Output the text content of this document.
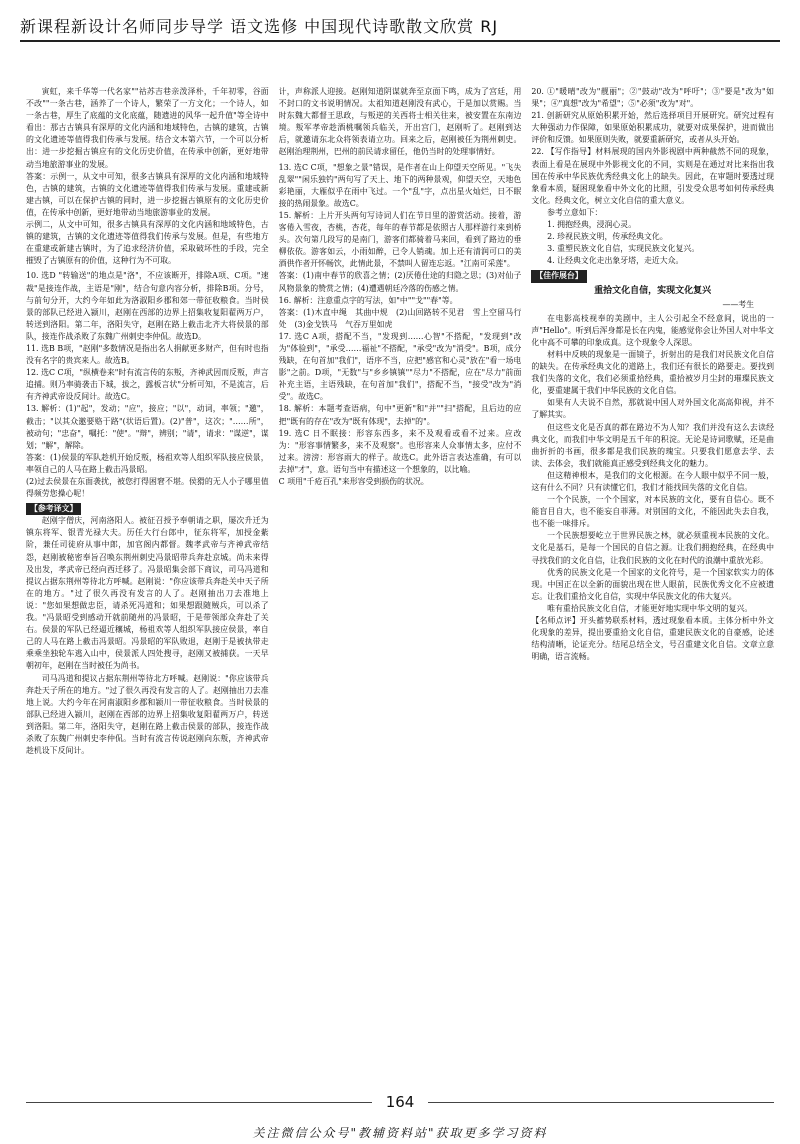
新课程新设计名师同步导学 语文选修 中国现代诗歌散文欣赏 RJ

寅虹，来千华等一代名家""祜苏吉巷亲泼泽朴，千年初零，谷面不改""一条古巷，涵养了一个诗人，繁荣了一方文化；一个诗人，如一条古巷，厚生了底蕴的文化底蕴，随遗进的风华一起升值"等全诗中看出：那古古镇具有深厚的文化内涵和地域特色，古镇的建筑，古镇的文化遗迹等值得我们传承与发展。结合文本第六节，一个可以分析出：进一步挖掘古镇应有的文化历史价值，在传承中创新，更好地带动当地旅游事业的发展。

答案：示例一，从文中可知，很多古镇具有深厚的文化内涵和地域特色，古镇的建筑，古镇的文化遗迹等值得我们传承与发展。重建或新建古镇，可以在保护古镇的同时，进一步挖掘古镇原有的文化历史价值，在传承中创新，更好地带动当地旅游事业的发展。

示例二，从文中可知，很多古镇具有深厚的文化内涵和地域特色，古镇的建筑，古镇的文化遗迹等值得我们传承与发展。但是，有些地方在重建或新建古镇时，为了追求经济价值，采取破坏性的手段，完全摧毁了古镇原有的价值，这种行为不可取。

10. 选D "转输送"的地点是"洛"，不应该断开，排除A项、C项。"速裁"是接连作战，主语是"刚"，结合句意内容分析，排除B项。分号，与前句分开，大约今年如此为洛淑阳乡郡和郊一带征收粮食。当时侯景的部队已经进入颍川，赵刚在西部的边界上招集收复阳翟两万户，转送到洛阳。第二年，洛阳失守，赵刚在路上截击北齐大将侯景的部队，接连作战杀败了东魏广州刺史李仲侃。故选D。

11. 选B B项，"赵刚"多数情况是指出名人捐献更多财产，但有时也指没有名字的贵宾来人。故选B。

12. 选C C项，"纵横卷来"时有流言传的东叛，齐神武因而反叛，声言追捕。则乃率骑袭击下城，拔之，露板言状"分析可知，不是流言，后有齐神武帝设反间计。故选C。

13. 解析：(1)"起"，发动；"应"，接应；"以"，动词，率领；"邀"，截击；"以其众邀要赂于路"(状语后置)。(2)"普"，这次；"……所"，被动句；"忠奋"，嘱托："使"。"辩"，辨别；"请"，请求："谋逆"，谋划；"解"，解除。

答案：(1)侯景的军队趁机开始反叛，杨祖欢等人组织军队接应侯景，率领自己的人马在路上截击冯景昭。

(2)过去侯景在东面袭扰，被您打得困窘不堪。侯猾的无人小子哪里值得频劳您操心呢！

【参考译文】

赵刚字僧庆，河南洛阳人。被征召授予奉朝请之职，屡次升迁为镇东将军、银青光禄大夫。历任大行台郎中，征东将军，加授金紫阶，兼任司徒府从事中郎，加官阁内都督。魏孝武帝与齐神武帝结怨，赵刚被秘密奉旨召唤东荆州刺史冯景昭带兵奔赴京城。尚未来得及出发，孝武帝已经向西迁移了。冯景昭集会部下商议，司马冯道和提议占据东荆州等待北方呼喊。赵刚说："你应该带兵奔赴关中天子所在的地方。"过了很久再没有发言的人了。赵刚抽出刀去准地上说："您如果想做忠臣，请杀死冯道和；如果想跟随贼兵，可以杀了我。"冯景昭受到感动开就前随州的冯景昭，于是带领部众奔赴了关右。侯景的军队已经逼近穰城，杨祖欢等人组织军队接应侯景，率自己的人马在路上截击冯景昭。冯景昭的军队败退，赵刚于是被执带走乘乘坐独轮车逃入山中，侯景派人四处搜寻，赵刚又被捕获。一天早朝初年，赵刚在当时被任为尚书。

司马冯道和提议占据东荆州等待北方呼喊。赵刚说："你应该带兵奔赴天子所在的地方。"过了很久再没有发言的人了。赵刚抽出刀去准地上说。大约今年在河南淑阳乡郡和颍川一带征收粮食。当时侯景的部队已经进入颍川，赵刚在西部的边界上招集收复阳翟两万户，转送到洛阳。第二年，洛阳失守，赵刚在路上截击侯景的部队，接连作战杀败了东魏广州刺史李仲侃。当时有流言传说赵刚向东叛，齐神武帝趁机设下反间计。

计，声称派人迎接。赵刚知道阴谋就奔至京面下鸣，成为了宫廷，用不封口的文书说明情况。太祖知道赵刚没有武心，于是加以赏赐。当时东魏大都督王思政，与叛逆的关西将士相关往来，被安置在东南边境。叛军孝帝趁酒桃嘱领兵临关，开出宫门，赵刚听了。赵刚到达后，就邀请东北众将领表请立功。回来之后，赵刚被任为荆州刺史。赵刚治理荆州，巴州的前民请求留任，他仍当时的处理事情好。

13. 选C C项，"想象之景"错误，是作者在山上仰望天空所见。"飞失乱翠""闲乐独钓"两句写了天上、地下的两种景观，仰望天空，天地色彩艳丽，大雁似乎在雨中飞过。一个"乱"字，点出星火灿烂，日不眠接的热闹景象。故选C。

15. 解析：上片开头两句写诗词人们在节日里的游赏活动。接着，游客倦入雪夜，杏桃，杏花，每年的春节都是依照古人那样游行来到桥头。次句第几段写的是南门，游客们都骑着马来回，看到了路边的垂柳依依。游客如云，小雨如醉，已令人销魂。加上还有清润可口的美酒供作者开怀畅饮，此情此景，不禁叫人留连忘返。"江南可采莲"。

答案：(1)南中春节的欣喜之情；(2)厌倦仕途的归隐之思；(3)对仙子风物景象的赞赏之情；(4)遭遇朝廷冷落的伤感之情。

16. 解析：注意重点字的写法，如"中""戈""春"等。

答案：(1)木直中绳　其曲中规　(2)山回路转不见君　雪上空留马行处　(3)金戈铁马　气吞万里如虎

17. 选C A项，搭配不当，"发现到……心智"不搭配，"发现到"改为"体验到"，"承受……福祉"不搭配，"承受"改为"消受"。B项，成分残缺，在句首加"我们"，语序不当，应把"感官和心灵"放在"看一场电影"之前。D项，"无数"与"乡乡镇镇""尽力"不搭配，应在"尽力"前面补充主语，主语残缺，在句首加"我们"，搭配不当，"接受"改为"消受"。故选C。

18. 解析：本题考查语病，句中"更新"和"并""扫"搭配，且后边的应把"既有的存在"改为"既有体现"，去掉"的"。

19. 选C 日不眠接：形容东西多，来不及观看或看不过来。应改为："形容事情繁多，来不及观察"。也形容来人众事情太多，应付不过来。滂滂：形容雨大的样子。故选C。此外语言表达准确，有可以去掉"才"，意。语句当中有描述这一个想象的，以比喻。

C 项用"千疮百孔"来形容受到损伤的状况。

20. ①"暖晴"改为"靓丽"；②"鼓动"改为"呼吁"；③"要是"改为"如果"；④"真想"改为"希望"；⑤"必须"改为"对"。

21. 创新研究从原始积累开始，然后选择项目开展研究。研究过程有大种强动力作保障，如果原始积累成功，就要对成果保护，进而做出评价和反馈。如果原则失败，就要重新研究，或者从头开始。

22. 【写作指导】材料展现的国内外影视剧中两种截然不同的现象，表面上看是在展现中外影视文化的不同，实则是在通过对比来指出我国在传承中华民族优秀经典文化上的缺失。因此，在审题时要透过现象看本质，疑困现象看中外文化的比照，引发受众思考如何传承经典文化。经典文化，树立文化自信的重大意义。

参考立意如下：

1. 拥抱经典，浸润心灵。

2. 珍视民族文明，传承经典文化。

3. 重塑民族文化自信，实现民族文化复兴。

4. 让经典文化走出象牙塔，走近大众。

【佳作展台】
重拾文化自信，实现文化复兴
——考生

在电影高枝视奉的美剧中，主人公引起全不经意间，说出的一声"Hello"。听到后浑身都是长在内鬼，能感觉你会让外国人对中华文化中高不可攀的印象成真。这个现象令人深思。

材料中反映的现象是一面镜子，折射出的是我们对民族文化自信的缺失。在传承经典文化的道路上，我们还有很长的路要走。要找到我们失落的文化，我们必须重拾经典，重拾被岁月尘封的璀璨民族文化，要重建属于我们中华民族的文化自信。

如果有人夫说不自然，那就说中国人对外国文化高高仰视，并不了解其实。

但这些文化是否真的都在路边不为人知？我们并没有这么去读经典文化，而我们中华文明是五千年的积淀。无论是诗词歌赋，还是曲曲折折的书画，很多都是我们民族的瑰宝。只要我们愿意去学、去读、去体会，我们就能真正感受到经典文化的魅力。

但这精神根本，是我们的文化根源。在今人眼中似乎不同一般，这有什么不同？只有读懂它们，我们才能找回失落的文化自信。

一个个民族，一个个国家，对本民族的文化，要有自信心。既不能盲目自大，也不能妄自菲薄。对别国的文化，不能因此失去自我，也不能一味排斥。

一个民族想要屹立于世界民族之林，就必须重视本民族的文化。文化是基石，是每一个国民的自信之源。让我们拥抱经典，在经典中寻找我们的文化自信，让我们民族的文化在时代的浪潮中重放光彩。

优秀的民族文化是一个国家的文化符号，是一个国家软实力的体现。中国正在以全新的面貌出现在世人眼前，民族优秀文化不应被遗忘。让我们重拾文化自信，实现中华民族文化的伟大复兴。

唯有重拾民族文化自信，才能更好地实现中华文明的复兴。

【名师点评】开头蓄势联系材料，透过现象看本质。主体分析中外文化现象的差异，提出要重拾文化自信，重建民族文化的自豪感，论述结构清晰，论证充分。结尾总结全文，号召重建文化自信。文章立意明确，语言流畅。

164
关注微信公众号"教辅资料站"获取更多学习资料
